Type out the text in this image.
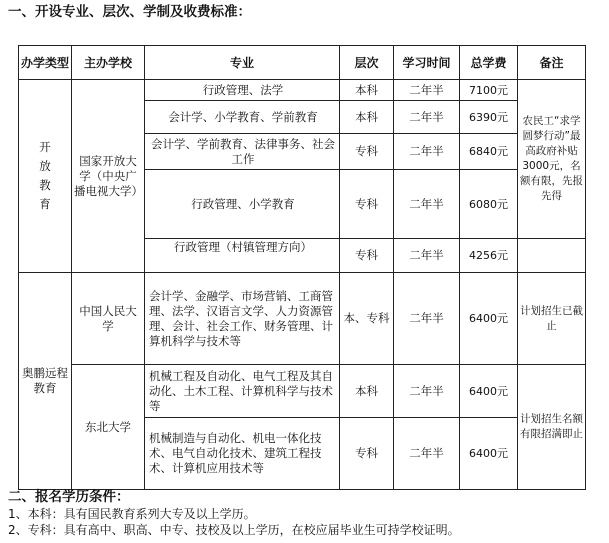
一、开设专业、层次、学制及收费标准：
办学类型	主办学校	专业	层次	学习时间	总学费	备注

开放教育	国家开放大学（中央广播电视大学）	行政管理、法学	本科	二年半	7100元	农民工“求学圆梦行动”最高政府补贴3000元，名额有限，先报先得

		会计学、小学教育、学前教育	本科	二年半	6390元	

		会计学、学前教育、法律事务、社会工作	专科	二年半	6840元	

		行政管理、小学教育	专科	二年半	6080元	

		行政管理（村镇管理方向）	专科	二年半	4256元	

奥鹏远程教育	中国人民大学	会计学、金融学、市场营销、工商管理、法学、汉语言文学、人力资源管理、会计、社会工作、财务管理、计算机科学与技术等	本、专科	二年半	6400元	计划招生已截止

	东北大学	机械工程及自动化、电气工程及其自动化、土木工程、计算机科学与技术等	本科	二年半	6400元	计划招生名额有限招满即止
		机械制造与自动化、机电一体化技术、电气自动化技术、建筑工程技术、计算机应用技术等	专科	二年半	6400元	
二、报名学历条件：
1、本科：具有国民教育系列大专及以上学历。
2、专科：具有高中、职高、中专、技校及以上学历，在校应届毕业生可持学校证明。
